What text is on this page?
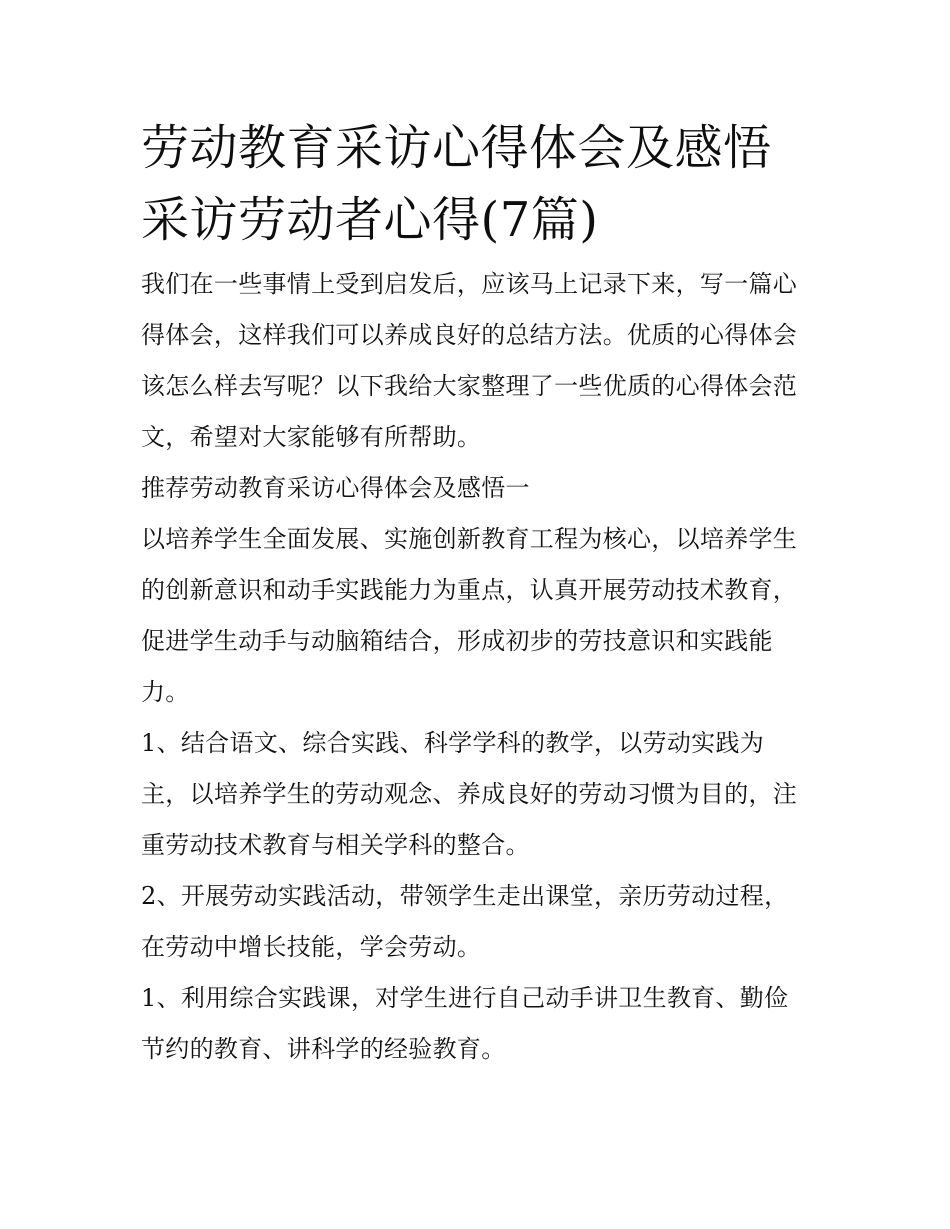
劳动教育采访心得体会及感悟
采访劳动者心得(7篇)

我们在一些事情上受到启发后，应该马上记录下来，写一篇心
得体会，这样我们可以养成良好的总结方法。优质的心得体会
该怎么样去写呢？以下我给大家整理了一些优质的心得体会范
文，希望对大家能够有所帮助。

推荐劳动教育采访心得体会及感悟一

以培养学生全面发展、实施创新教育工程为核心，以培养学生
的创新意识和动手实践能力为重点，认真开展劳动技术教育，
促进学生动手与动脑箱结合，形成初步的劳技意识和实践能
力。

1、结合语文、综合实践、科学学科的教学，以劳动实践为
主，以培养学生的劳动观念、养成良好的劳动习惯为目的，注
重劳动技术教育与相关学科的整合。

2、开展劳动实践活动，带领学生走出课堂，亲历劳动过程，
在劳动中增长技能，学会劳动。

1、利用综合实践课，对学生进行自己动手讲卫生教育、勤俭
节约的教育、讲科学的经验教育。
